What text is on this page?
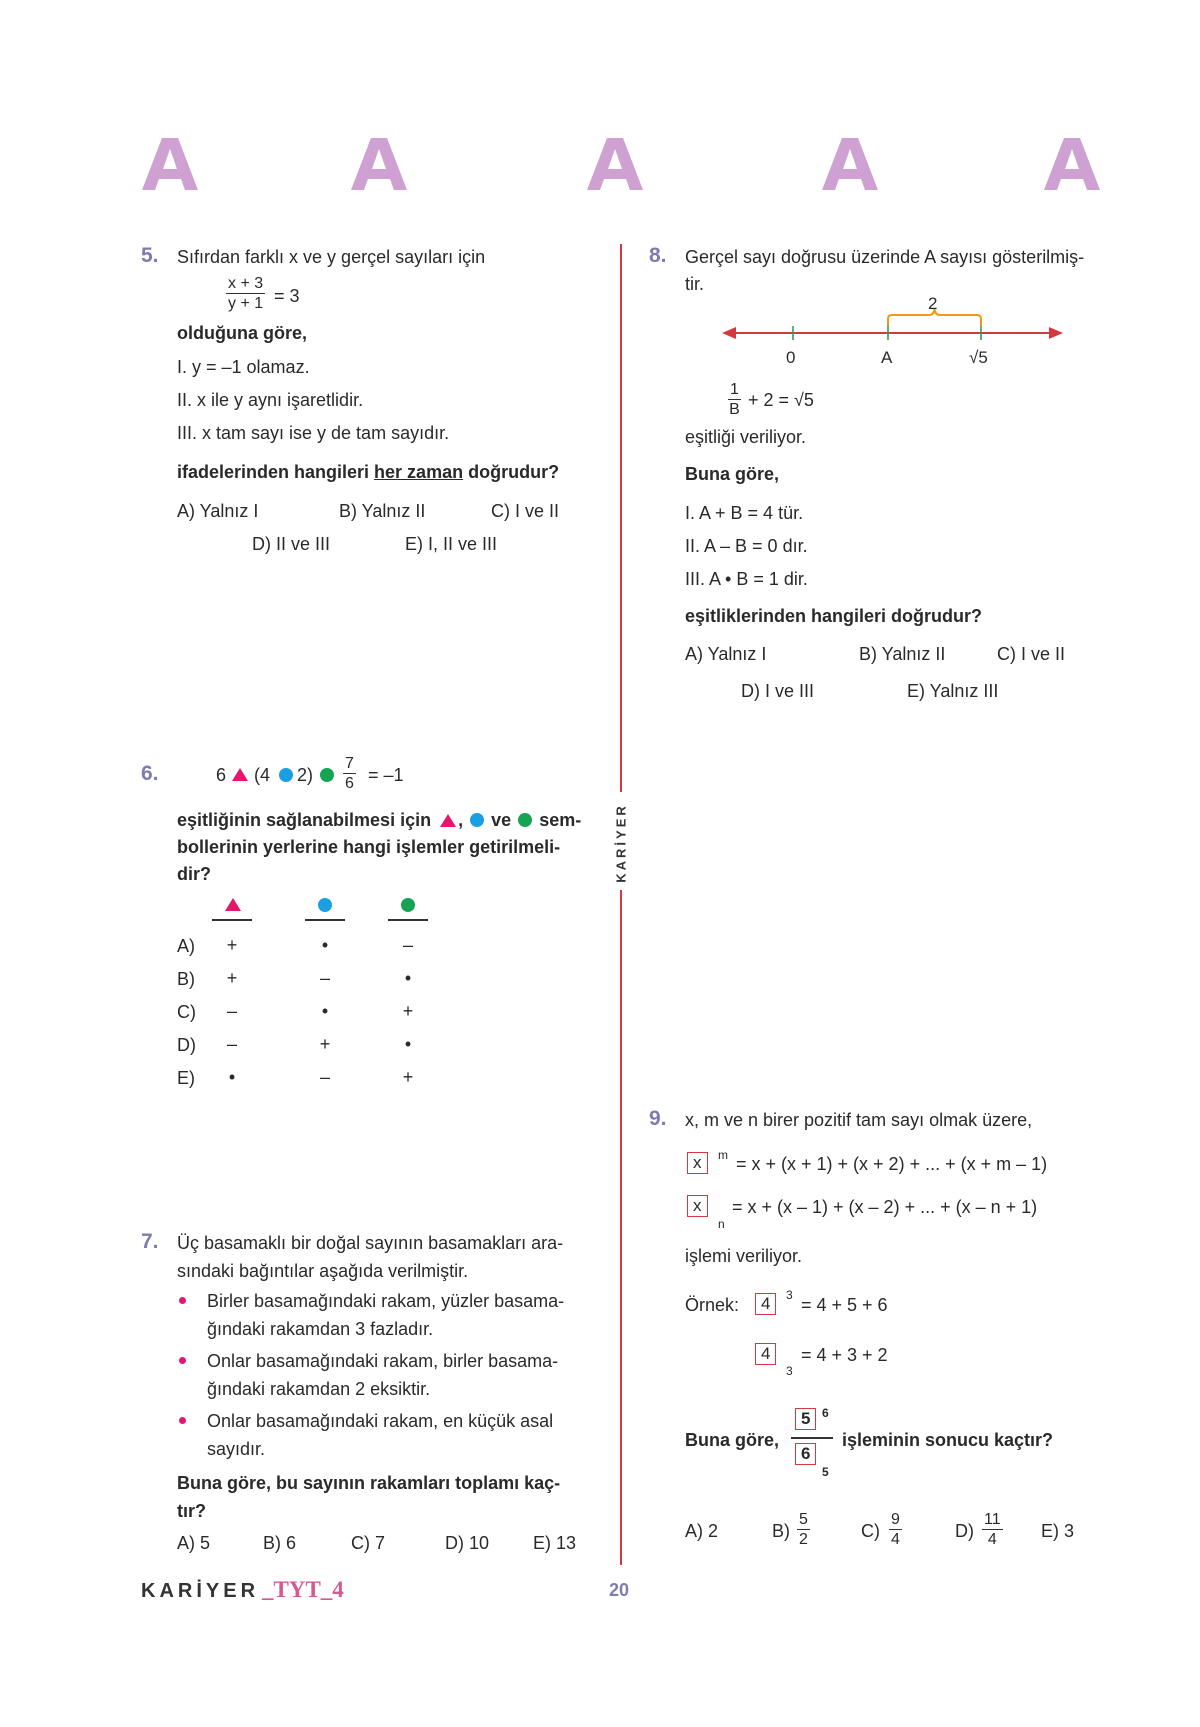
KARİYER
5. Sıfırdan farklı x ve y gerçel sayıları için
$\frac{x + 3}{y + 1} = 3$
olduğuna göre,
I. y = –1 olamaz.
II. x ile y aynı işaretlidir.
III. x tam sayı ise y de tam sayıdır.
ifadelerinden hangileri her zaman doğrudur?
A) Yalnız I	B) Yalnız II	C) I ve II
D) II ve III	E) I, II ve III
6.	6 (4 $2) \frac{7}{6} = -1$
eşitliğinin sağlanabilmesi için ,  ve sem-
bollerinin yerlerine hangi işlemler getirilmeli-
dir?
A)	+	•	–
B)	+	–	•
C)	–	•	+
D)	–	+	•
E)	•	–	+
7. Üç basamaklı bir doğal sayının basamakları ara-
sındaki bağıntılar aşağıda verilmiştir.
Birler basamağındaki rakam, yüzler basama-
ğındaki rakamdan 3 fazladır.
Onlar basamağındaki rakam, birler basama-
ğındaki rakamdan 2 eksiktir.
Onlar basamağındaki rakam, en küçük asal
sayıdır.
Buna göre, bu sayının rakamları toplamı kaç-
tır?
A) 5	B) 6	C) 7	D) 10 E) 13
8. Gerçel sayı doğrusu üzerinde A sayısı gösterilmiş-
tir.
2
0	A	√5
$\frac{1}{B} + 2 = √5$
eşitliği veriliyor.
Buna göre,
I. A + B = 4 tür.
II. A – B = 0 dır.
III. A • B = 1 dir.
eşitliklerinden hangileri doğrudur?
A) Yalnız I	B) Yalnız II	C) I ve II
D) I ve III	E) Yalnız III
9. x, m ve n birer pozitif tam sayı olmak üzere,
x	m = x + (x + 1) + (x + 2) + ... + (x + m – 1)
x
n
= x + (x – 1) + (x – 2) + ... + (x – n + 1)
işlemi veriliyor.
Örnek:	4	3 = 4 + 5 + 6
4
3
= 4 + 3 + 2
Buna göre,
5 6
6
5
işleminin sonucu kaçtır?
A) 2	$B) \frac{5}{2}$	$C) \frac{9}{4}$	$D) \frac{11}{4} E$) 3
KARİYER _TYT_4	20
